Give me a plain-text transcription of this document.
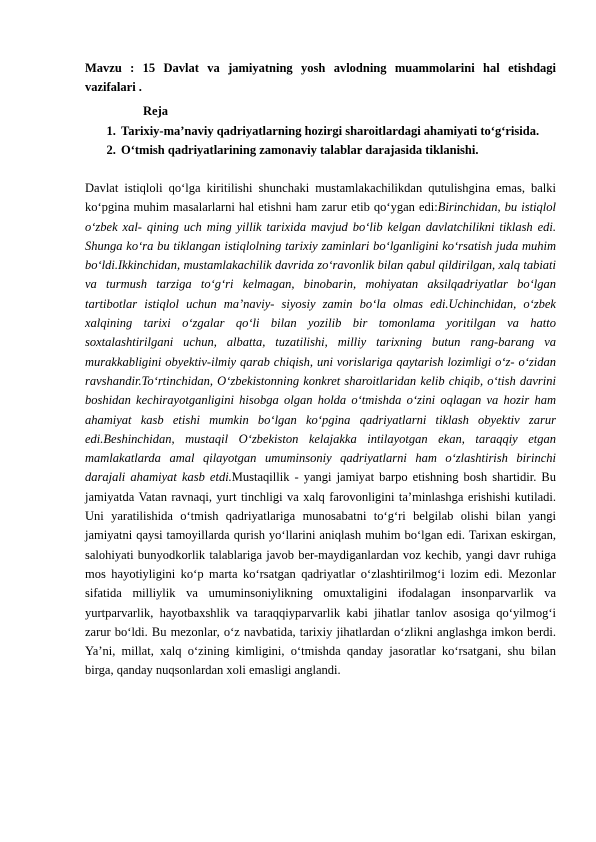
Mavzu : 15 Davlat va jamiyatning yosh avlodning muammolarini hal etishdagi vazifalari .

Reja
1. Tarixiy-ma’naviy qadriyatlarning hozirgi sharoitlardagi ahamiyati to‘g‘risida.
2. O‘tmish qadriyatlarining zamonaviy talablar darajasida tiklanishi.

Davlat istiqloli qo‘lga kiritilishi shunchaki mustamlakachilikdan qutulishgina emas, balki ko‘pgina muhim masalarlarni hal etishni ham zarur etib qo‘ygan edi:Birinchidan, bu istiqlol o‘zbek xal- qining uch ming yillik tarixida mavjud bo‘lib kelgan davlatchilikni tiklash edi. Shunga ko‘ra bu tiklangan istiqlolning tarixiy zaminlari bo‘lganligini ko‘rsatish juda muhim bo‘ldi.Ikkinchidan, mustamlakachilik davrida zo‘ravonlik bilan qabul qildirilgan, xalq tabiati va turmush tarziga to‘g‘ri kelmagan, binobarin, mohiyatan aksilqadriyatlar bo‘lgan tartibotlar istiqlol uchun ma’naviy- siyosiy zamin bo‘la olmas edi.Uchinchidan, o‘zbek xalqining tarixi o‘zgalar qo‘li bilan yozilib bir tomonlama yoritilgan va hatto soxtalashtirilgani uchun, albatta, tuzatilishi, milliy tarixning butun rang-barang va murakkabligini obyektiv-ilmiy qarab chiqish, uni vorislariga qaytarish lozimligi o‘z- o‘zidan ravshandir.To‘rtinchidan, O‘zbekistonning konkret sharoitlaridan kelib chiqib, o‘tish davrini boshidan kechirayotganligini hisobga olgan holda o‘tmishda o‘zini oqlagan va hozir ham ahamiyat kasb etishi mumkin bo‘lgan ko‘pgina qadriyatlarni tiklash obyektiv zarur edi.Beshinchidan, mustaqil O‘zbekiston kelajakka intilayotgan ekan, taraqqiy etgan mamlakatlarda amal qilayotgan umuminsoniy qadriyatlarni ham o‘zlashtirish birinchi darajali ahamiyat kasb etdi.Mustaqillik - yangi jamiyat barpo etishning bosh shartidir. Bu jamiyatda Vatan ravnaqi, yurt tinchligi va xalq farovonligini ta’minlashga erishishi kutiladi. Uni yaratilishida o‘tmish qadriyatlariga munosabatni to‘g‘ri belgilab olishi bilan yangi jamiyatni qaysi tamoyillarda qurish yo‘llarini aniqlash muhim bo‘lgan edi. Tarixan eskirgan, salohiyati bunyodkorlik talablariga javob ber-maydiganlardan voz kechib, yangi davr ruhiga mos hayotiyligini ko‘p marta ko‘rsatgan qadriyatlar o‘zlashtirilmog‘i lozim edi. Mezonlar sifatida milliylik va umuminsoniylikning omuxtaligini ifodalagan insonparvarlik va yurtparvarlik, hayotbaxshlik va taraqqiyparvarlik kabi jihatlar tanlov asosiga qo‘yilmog‘i zarur bo‘ldi. Bu mezonlar, o‘z navbatida, tarixiy jihatlardan o‘zlikni anglashga imkon berdi. Ya’ni, millat, xalq o‘zining kimligini, o‘tmishda qanday jasoratlar ko‘rsatgani, shu bilan birga, qanday nuqsonlardan xoli emasligi anglandi.
